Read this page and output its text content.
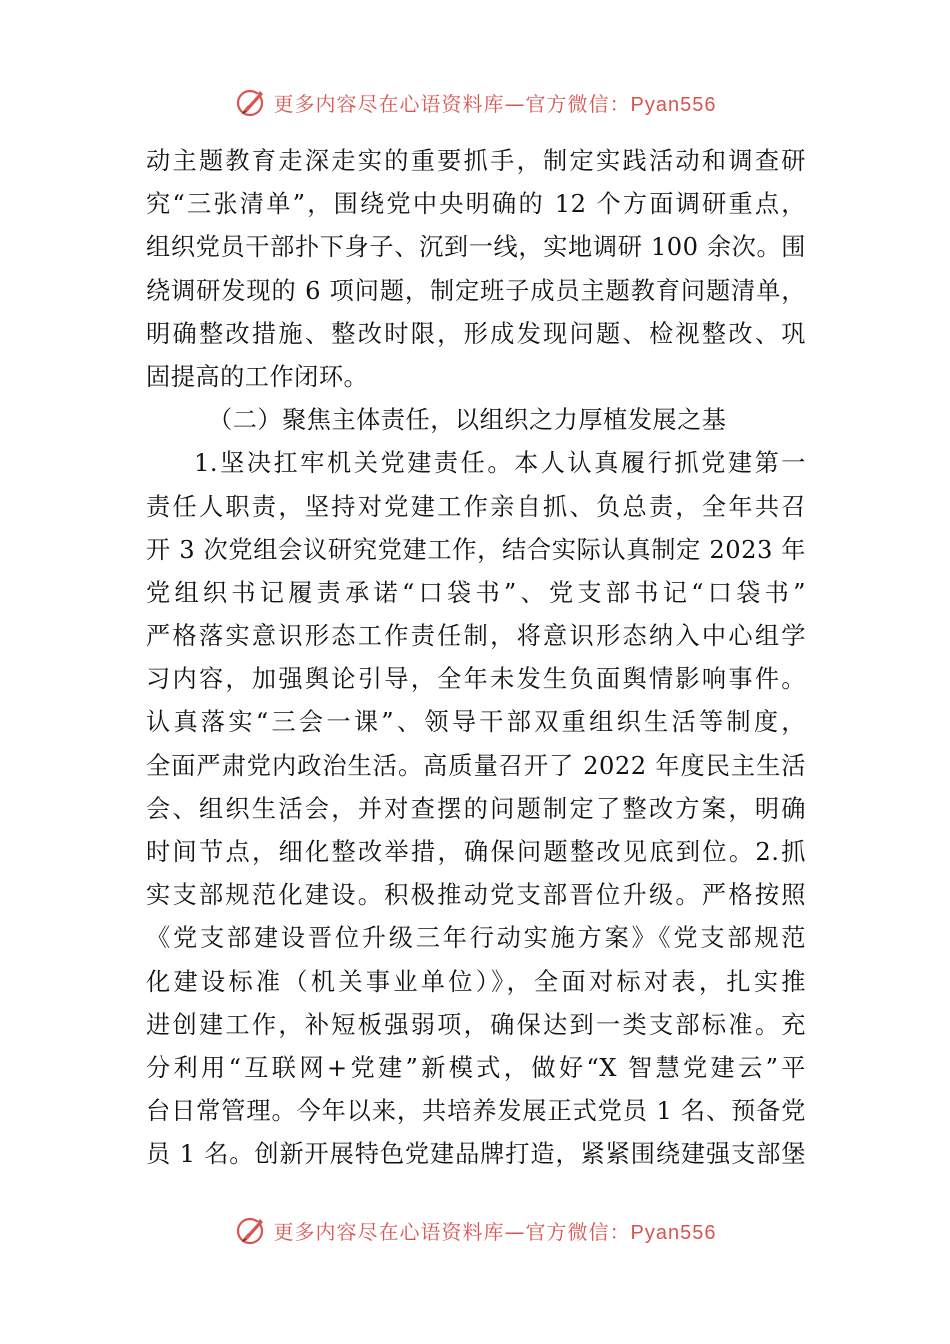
更多内容尽在心语资料库—官方微信：Pyan556
动主题教育走深走实的重要抓手，制定实践活动和调查研
究“三张清单”，围绕党中央明确的 12 个方面调研重点，
组织党员干部扑下身子、沉到一线，实地调研 100 余次。围
绕调研发现的 6 项问题，制定班子成员主题教育问题清单，
明确整改措施、整改时限，形成发现问题、检视整改、巩
固提高的工作闭环。
（二）聚焦主体责任，以组织之力厚植发展之基
1.坚决扛牢机关党建责任。本人认真履行抓党建第一
责任人职责，坚持对党建工作亲自抓、负总责，全年共召
开 3 次党组会议研究党建工作，结合实际认真制定 2023 年
党组织书记履责承诺“口袋书”、党支部书记“口袋书”
严格落实意识形态工作责任制，将意识形态纳入中心组学
习内容，加强舆论引导，全年未发生负面舆情影响事件。
认真落实“三会一课”、领导干部双重组织生活等制度，
全面严肃党内政治生活。高质量召开了 2022 年度民主生活
会、组织生活会，并对查摆的问题制定了整改方案，明确
时间节点，细化整改举措，确保问题整改见底到位。2.抓
实支部规范化建设。积极推动党支部晋位升级。严格按照
《党支部建设晋位升级三年行动实施方案》《党支部规范
化建设标准（机关事业单位）》，全面对标对表，扎实推
进创建工作，补短板强弱项，确保达到一类支部标准。充
分利用“互联网+党建”新模式，做好“X 智慧党建云”平
台日常管理。今年以来，共培养发展正式党员 1 名、预备党
员 1 名。创新开展特色党建品牌打造，紧紧围绕建强支部堡
更多内容尽在心语资料库—官方微信：Pyan556
